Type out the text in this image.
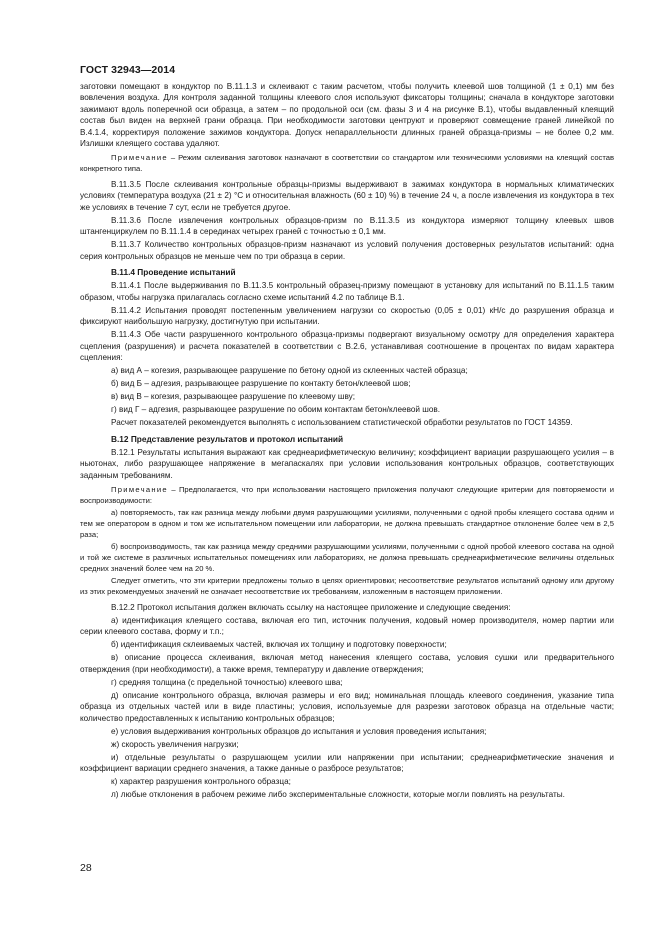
ГОСТ 32943—2014

заготовки помещают в кондуктор по В.11.1.3 и склеивают с таким расчетом, чтобы получить клеевой шов толщиной (1 ± 0,1) мм без вовлечения воздуха. Для контроля заданной толщины клеевого слоя используют фиксаторы толщины; сначала в кондукторе заготовки зажимают вдоль поперечной оси образца, а затем – по продольной оси (см. фазы 3 и 4 на рисунке В.1), чтобы выдавленный клеящий состав был виден на верхней грани образца. При необходимости заготовки центруют и проверяют совмещение граней линейкой по В.4.1.4, корректируя положение зажимов кондуктора. Допуск непараллельности длинных граней образца-призмы – не более 0,2 мм. Излишки клеящего состава удаляют.

Примечание – Режим склеивания заготовок назначают в соответствии со стандартом или техническими условиями на клеящий состав конкретного типа.

В.11.3.5 После склеивания контрольные образцы-призмы выдерживают в зажимах кондуктора в нормальных климатических условиях (температура воздуха (21 ± 2) °С и относительная влажность (60 ± 10) %) в течение 24 ч, а после извлечения из кондуктора в тех же условиях в течение 7 сут, если не требуется другое.

В.11.3.6 После извлечения контрольных образцов-призм по В.11.3.5 из кондуктора измеряют толщину клеевых швов штангенциркулем по В.11.1.4 в серединах четырех граней с точностью ± 0,1 мм.

В.11.3.7 Количество контрольных образцов-призм назначают из условий получения достоверных результатов испытаний: одна серия контрольных образцов не меньше чем по три образца в серии.

В.11.4 Проведение испытаний

В.11.4.1 После выдерживания по В.11.3.5 контрольный образец-призму помещают в установку для испытаний по В.11.1.5 таким образом, чтобы нагрузка прилагалась согласно схеме испытаний 4.2 по таблице В.1.

В.11.4.2 Испытания проводят постепенным увеличением нагрузки со скоростью (0,05 ± 0,01) кН/с до разрушения образца и фиксируют наибольшую нагрузку, достигнутую при испытании.

В.11.4.3 Обе части разрушенного контрольного образца-призмы подвергают визуальному осмотру для определения характера сцепления (разрушения) и расчета показателей в соответствии с В.2.6, устанавливая соотношение в процентах по видам характера сцепления:

а) вид А – когезия, разрывающее разрушение по бетону одной из склеенных частей образца;

б) вид Б – адгезия, разрывающее разрушение по контакту бетон/клеевой шов;

в) вид В – когезия, разрывающее разрушение по клеевому шву;

г) вид Г – адгезия, разрывающее разрушение по обоим контактам бетон/клеевой шов.

Расчет показателей рекомендуется выполнять с использованием статистической обработки результатов по ГОСТ 14359.

В.12 Представление результатов и протокол испытаний

В.12.1 Результаты испытания выражают как среднеарифметическую величину; коэффициент вариации разрушающего усилия – в ньютонах, либо разрушающее напряжение в мегапаскалях при условии использования контрольных образцов, соответствующих заданным требованиям.

Примечание – Предполагается, что при использовании настоящего приложения получают следующие критерии для повторяемости и воспроизводимости:

а) повторяемость, так как разница между любыми двумя разрушающими усилиями, полученными с одной пробы клеящего состава одним и тем же оператором в одном и том же испытательном помещении или лаборатории, не должна превышать стандартное отклонение более чем в 2,5 раза;

б) воспроизводимость, так как разница между средними разрушающими усилиями, полученными с одной пробой клеевого состава на одной и той же системе в различных испытательных помещениях или лабораториях, не должна превышать среднеарифметические величины отдельных средних значений более чем на 20 %.

Следует отметить, что эти критерии предложены только в целях ориентировки; несоответствие результатов испытаний одному или другому из этих рекомендуемых значений не означает несоответствие их требованиям, изложенным в настоящем приложении.

В.12.2 Протокол испытания должен включать ссылку на настоящее приложение и следующие сведения:

а) идентификация клеящего состава, включая его тип, источник получения, кодовый номер производителя, номер партии или серии клеевого состава, форму и т.п.;

б) идентификация склеиваемых частей, включая их толщину и подготовку поверхности;

в) описание процесса склеивания, включая метод нанесения клеящего состава, условия сушки или предварительного отверждения (при необходимости), а также время, температуру и давление отверждения;

г) средняя толщина (с предельной точностью) клеевого шва;

д) описание контрольного образца, включая размеры и его вид; номинальная площадь клеевого соединения, указание типа образца из отдельных частей или в виде пластины; условия, используемые для разрезки заготовок образца на отдельные части; количество предоставленных к испытанию контрольных образцов;

е) условия выдерживания контрольных образцов до испытания и условия проведения испытания;

ж) скорость увеличения нагрузки;

и) отдельные результаты о разрушающем усилии или напряжении при испытании; среднеарифметические значения и коэффициент вариации среднего значения, а также данные о разбросе результатов;

к) характер разрушения контрольного образца;

л) любые отклонения в рабочем режиме либо экспериментальные сложности, которые могли повлиять на результаты.

28
